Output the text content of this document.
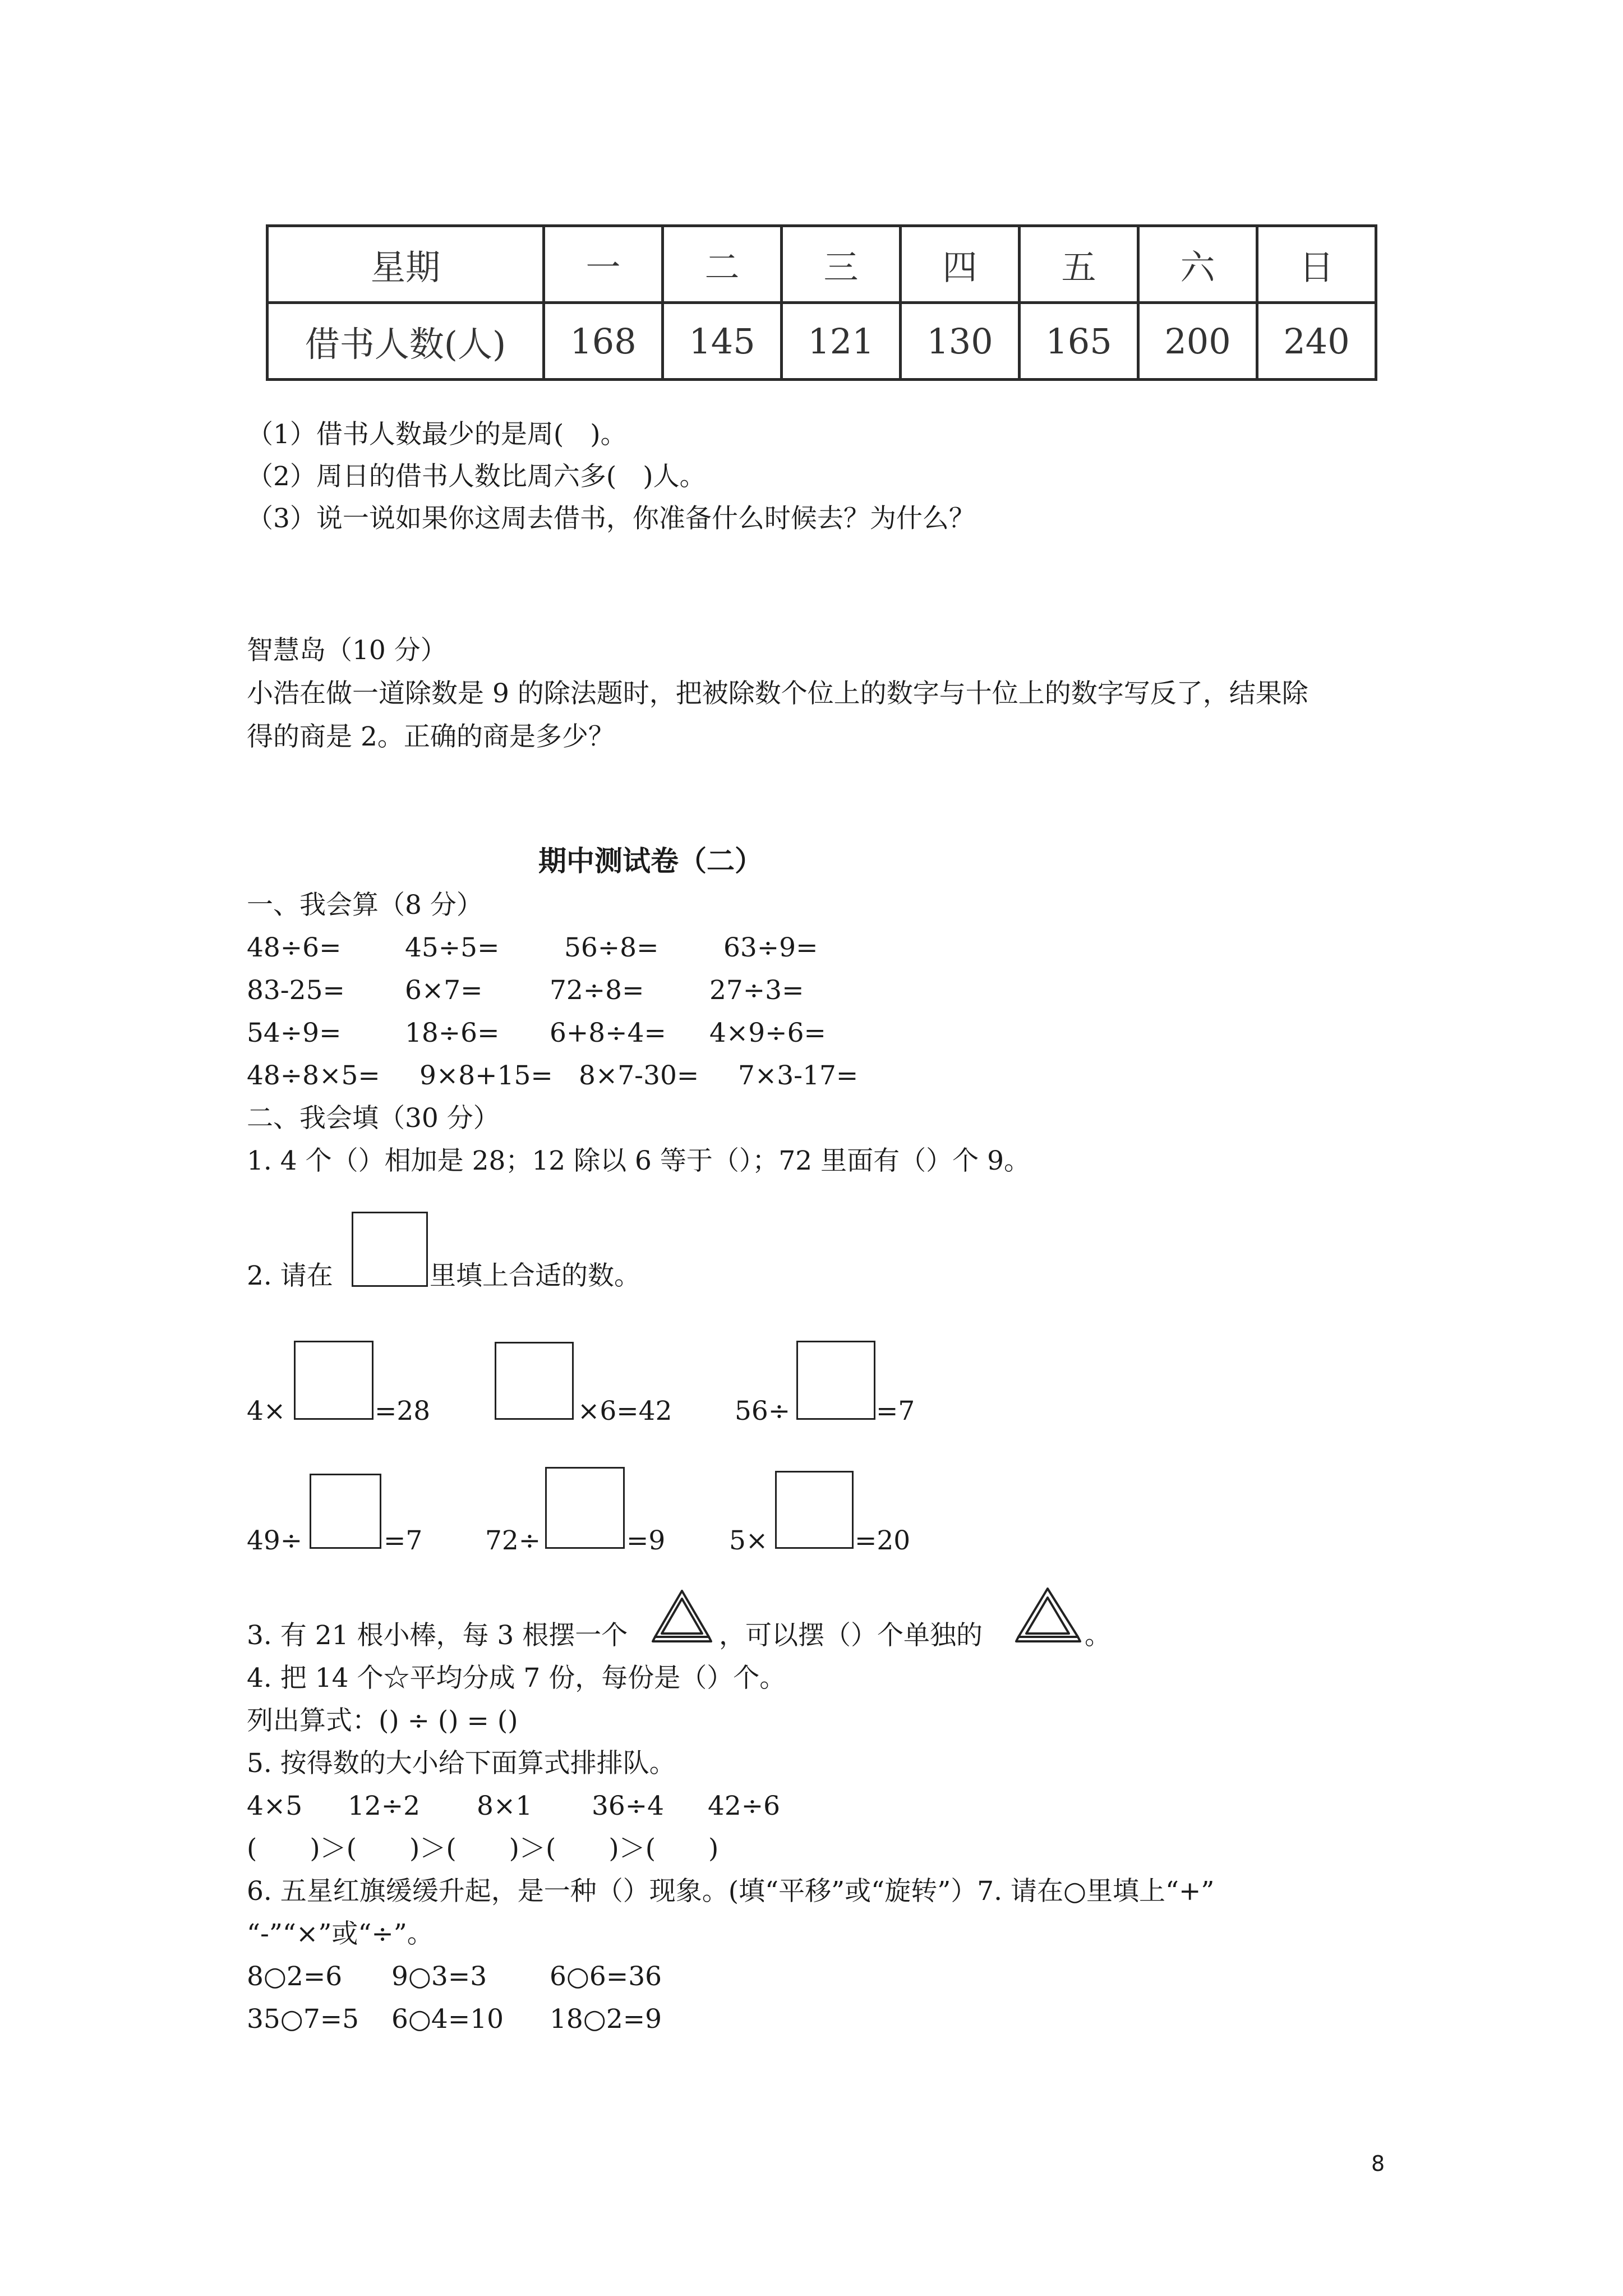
星期	一	二	三	四	五	六	日
借书人数(人)	168	145	121	130	165	200	240
（1）借书人数最少的是周(　)。
（2）周日的借书人数比周六多(　)人。
（3）说一说如果你这周去借书，你准备什么时候去？为什么？
智慧岛（10 分）
小浩在做一道除数是 9 的除法题时，把被除数个位上的数字与十位上的数字写反了，结果除
得的商是 2。正确的商是多少？
期中测试卷（二）
一、我会算（8 分）
48÷6= 45÷5= 56÷8= 63÷9=
83-25= 6×7=	72÷8= 27÷3=
54÷9= 18÷6= 6+8÷4= 4×9÷6=
48÷8×5= 9×8+15= 8×7-30= 7×3-17=
二、我会填（30 分）
1. 4 个（）相加是 28；12 除以 6 等于（）；72 里面有（）个 9。
2. 请在	里填上合适的数。
4×	=28	×6=42 56÷	=7
49÷	=7 72÷	=9 5×	=20
3. 有 21 根小棒，每 3 根摆一个	，可以摆（）个单独的	。
4. 把 14 个☆平均分成 7 份，每份是（）个。
列出算式：() ÷ () = ()
5. 按得数的大小给下面算式排排队。
4×5 12÷2 8×1 36÷4 42÷6
(　　)＞(　　)＞(　　)＞(　　)＞(　　)
6. 五星红旗缓缓升起，是一种（）现象。(填“平移”或“旋转”）7. 请在○里填上“+”
“-”“×”或“÷”。
8○2=6 9○3=3 6○6=36
35○7=5 6○4=10 18○2=9
8
